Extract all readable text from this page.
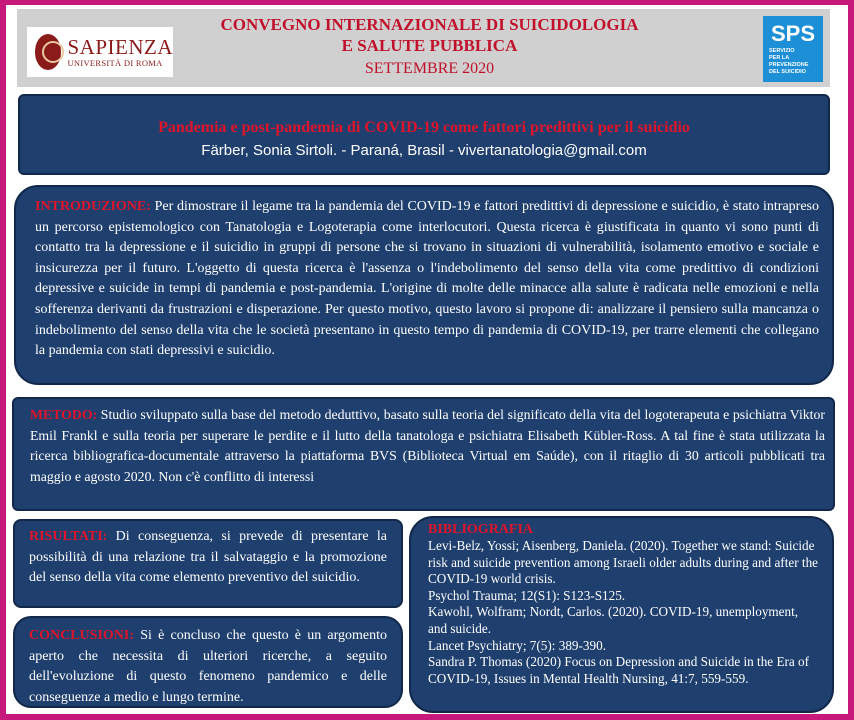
SAPIENZA
UNIVERSITÀ DI ROMA
CONVEGNO INTERNAZIONALE DI SUICIDOLOGIA
E SALUTE PUBBLICA
SETTEMBRE 2020
SPS
SERVIZIO
PER LA PREVENZIONE
DEL SUICIDIO
Pandemia e post-pandemia di COVID-19 come fattori predittivi per il suicidio
Färber, Sonia Sirtoli. - Paraná, Brasil - vivertanatologia@gmail.com

INTRODUZIONE: Per dimostrare il legame tra la pandemia del COVID-19 e fattori predittivi di depressione e suicidio, è stato intrapreso un percorso epistemologico con Tanatologia e Logoterapia come interlocutori. Questa ricerca è giustificata in quanto vi sono punti di contatto tra la depressione e il suicidio in gruppi di persone che si trovano in situazioni di vulnerabilità, isolamento emotivo e sociale e insicurezza per il futuro. L'oggetto di questa ricerca è l'assenza o l'indebolimento del senso della vita come predittivo di condizioni depressive e suicide in tempi di pandemia e post-pandemia. L'origine di molte delle minacce alla salute è radicata nelle emozioni e nella sofferenza derivanti da frustrazioni e disperazione. Per questo motivo, questo lavoro si propone di: analizzare il pensiero sulla mancanza o indebolimento del senso della vita che le società presentano in questo tempo di pandemia di COVID-19, per trarre elementi che collegano la pandemia con stati depressivi e suicidio.

METODO: Studio sviluppato sulla base del metodo deduttivo, basato sulla teoria del significato della vita del logoterapeuta e psichiatra Viktor Emil Frankl e sulla teoria per superare le perdite e il lutto della tanatologa e psichiatra Elisabeth Kübler-Ross. A tal fine è stata utilizzata la ricerca bibliografica-documentale attraverso la piattaforma BVS (Biblioteca Virtual em Saúde), con il ritaglio di 30 articoli pubblicati tra maggio e agosto 2020. Non c'è conflitto di interessi

RISULTATI: Di conseguenza, si prevede di presentare la possibilità di una relazione tra il salvataggio e la promozione del senso della vita come elemento preventivo del suicidio.

CONCLUSIONI: Si è concluso che questo è un argomento aperto che necessita di ulteriori ricerche, a seguito dell'evoluzione di questo fenomeno pandemico e delle conseguenze a medio e lungo termine.

BIBLIOGRAFIA
Levi-Belz, Yossi; Aisenberg, Daniela. (2020). Together we stand: Suicide risk and suicide prevention among Israeli older adults during and after the COVID-19 world crisis.
Psychol Trauma; 12(S1): S123-S125.
Kawohl, Wolfram; Nordt, Carlos. (2020). COVID-19, unemployment, and suicide.
Lancet Psychiatry; 7(5): 389-390.
Sandra P. Thomas (2020) Focus on Depression and Suicide in the Era of COVID-19, Issues in Mental Health Nursing, 41:7, 559-559.
